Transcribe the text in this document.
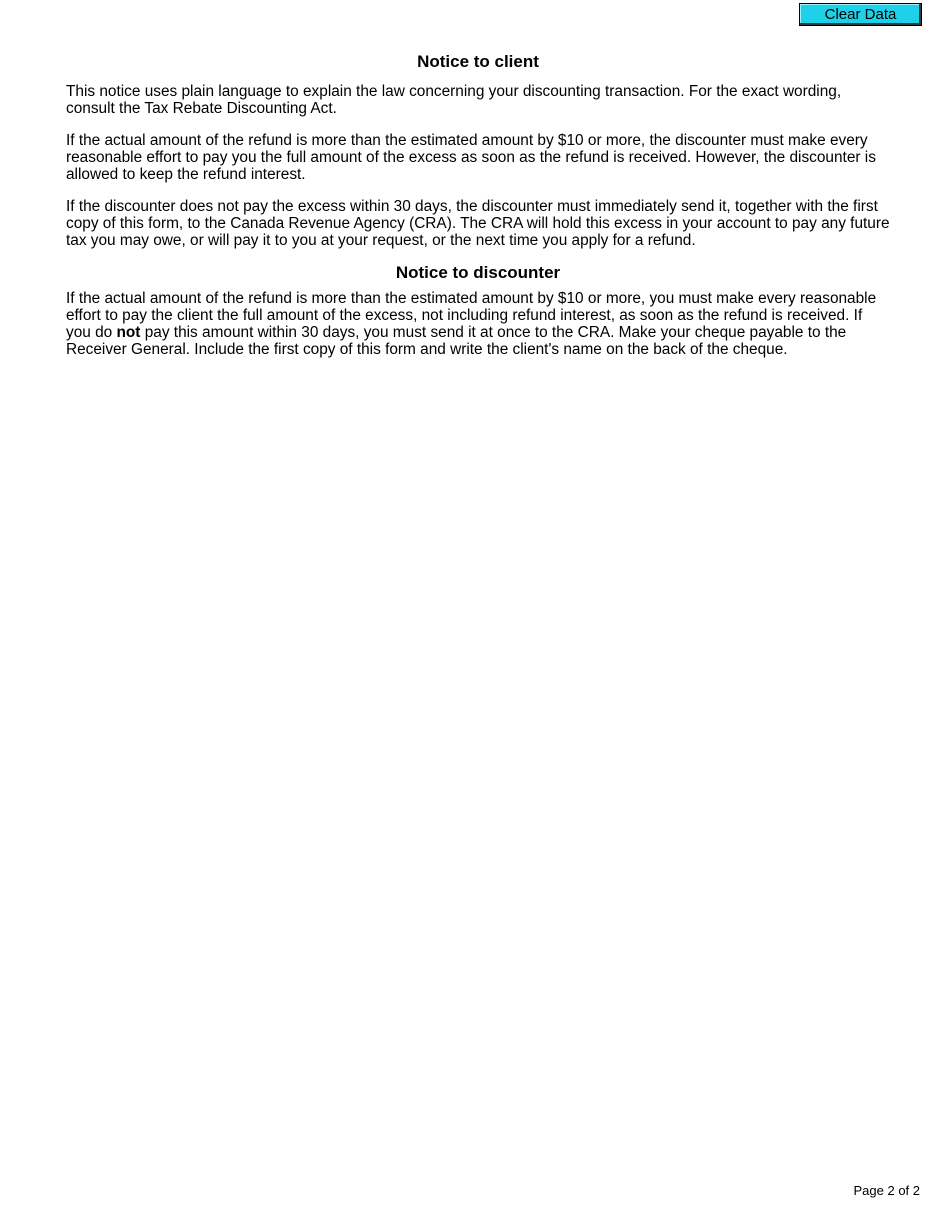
Clear Data
Notice to client

This notice uses plain language to explain the law concerning your discounting transaction. For the exact wording, consult the Tax Rebate Discounting Act.

If the actual amount of the refund is more than the estimated amount by $10 or more, the discounter must make every reasonable effort to pay you the full amount of the excess as soon as the refund is received. However, the discounter is allowed to keep the refund interest.

If the discounter does not pay the excess within 30 days, the discounter must immediately send it, together with the first copy of this form, to the Canada Revenue Agency (CRA). The CRA will hold this excess in your account to pay any future tax you may owe, or will pay it to you at your request, or the next time you apply for a refund.

Notice to discounter

If the actual amount of the refund is more than the estimated amount by $10 or more, you must make every reasonable effort to pay the client the full amount of the excess, not including refund interest, as soon as the refund is received. If you do not pay this amount within 30 days, you must send it at once to the CRA. Make your cheque payable to the Receiver General. Include the first copy of this form and write the client's name on the back of the cheque.

Page 2 of 2
